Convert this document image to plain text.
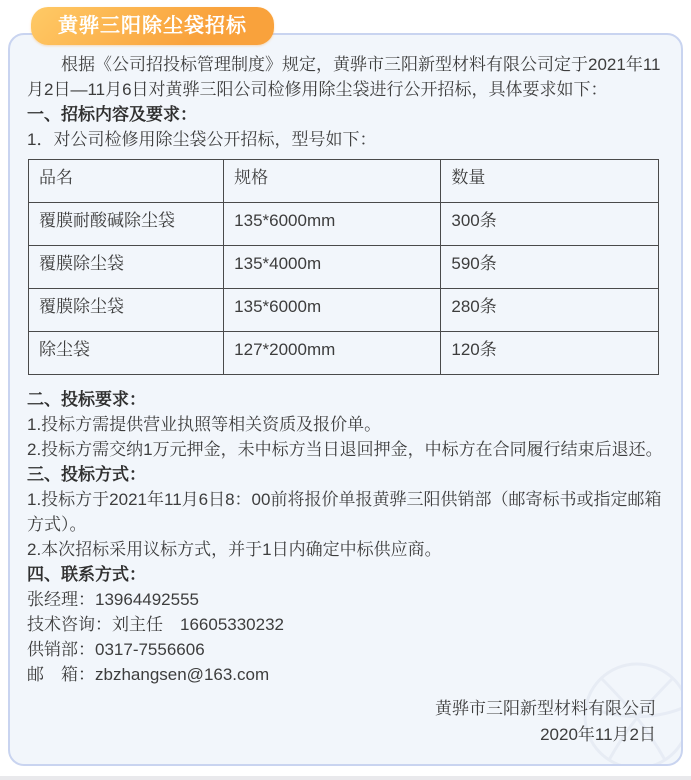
黄骅三阳除尘袋招标

根据《公司招投标管理制度》规定，黄骅市三阳新型材料有限公司定于2021年11月2日—11月6日对黄骅三阳公司检修用除尘袋进行公开招标，具体要求如下：

一、招标内容及要求：

1．对公司检修用除尘袋公开招标，型号如下：

品名	规格	数量
覆膜耐酸碱除尘袋	135*6000mm	300条
覆膜除尘袋	135*4000m	590条
覆膜除尘袋	135*6000m	280条
除尘袋	127*2000mm	120条

二、投标要求：

1.投标方需提供营业执照等相关资质及报价单。

2.投标方需交纳1万元押金，未中标方当日退回押金，中标方在合同履行结束后退还。

三、投标方式：

1.投标方于2021年11月6日8：00前将报价单报黄骅三阳供销部（邮寄标书或指定邮箱方式）。

2.本次招标采用议标方式，并于1日内确定中标供应商。

四、联系方式：

张经理：13964492555
技术咨询：刘主任　16605330232
供销部：0317-7556606
邮　箱：zbzhangsen@163.com
黄骅市三阳新型材料有限公司
2020年11月2日
